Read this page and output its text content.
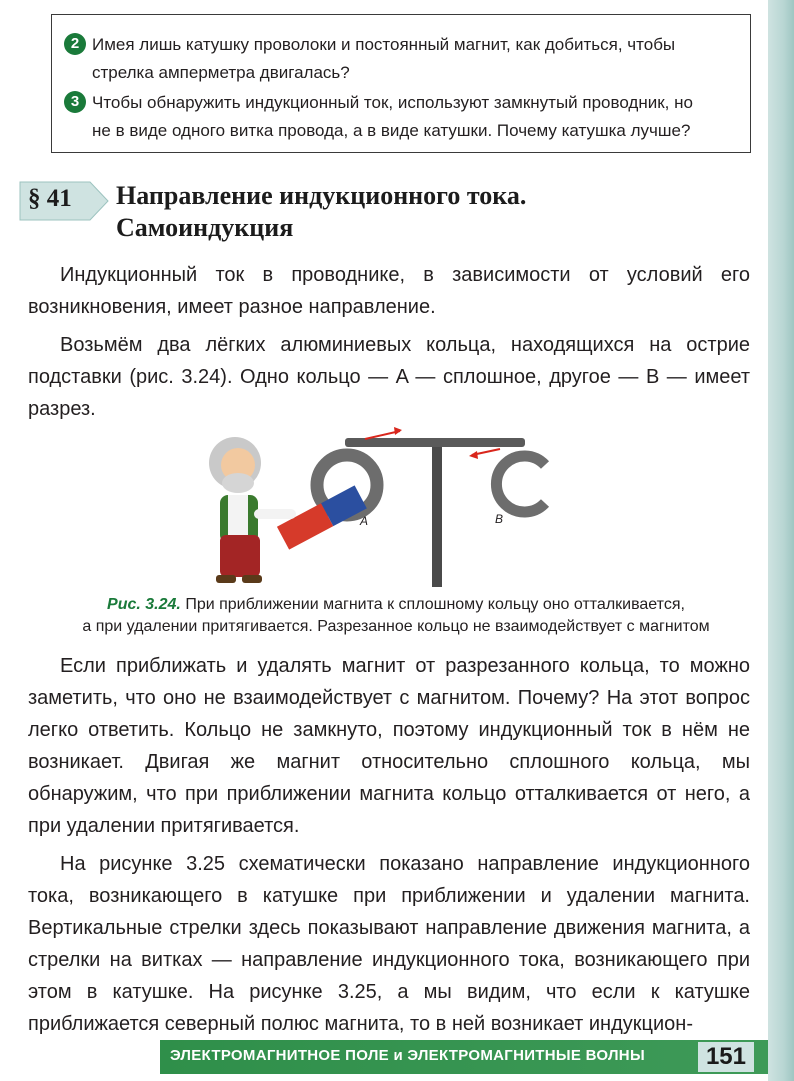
2 Имея лишь катушку проволоки и постоянный магнит, как добиться, чтобы
стрелка амперметра двигалась?
3 Чтобы обнаружить индукционный ток, используют замкнутый проводник, но
не в виде одного витка провода, а в виде катушки. Почему катушка лучше?
§ 41 Направление индукционного тока.
Самоиндукция

Индукционный ток в проводнике, в зависимости от условий его возникновения, имеет разное направление.

Возьмём два лёгких алюминиевых кольца, находящихся на острие подставки (рис. 3.24). Одно кольцо — A — сплошное, другое — B — имеет разрез.

S
N
A	B
Рис. 3.24. При приближении магнита к сплошному кольцу оно отталкивается,
а при удалении притягивается. Разрезанное кольцо не взаимодействует с магнитом

Если приближать и удалять магнит от разрезанного кольца, то можно заметить, что оно не взаимодействует с магнитом. Почему? На этот вопрос легко ответить. Кольцо не замкнуто, поэтому индукционный ток в нём не возникает. Двигая же магнит относительно сплошного кольца, мы обнаружим, что при приближении магнита кольцо отталкивается от него, а при удалении притягивается.

На рисунке 3.25 схематически показано направление индукционного тока, возникающего в катушке при приближении и удалении магнита. Вертикальные стрелки здесь показывают направление движения магнита, а стрелки на витках — направление индукционного тока, возникающего при этом в катушке. На рисунке 3.25, а мы видим, что если к катушке приближается северный полюс магнита, то в ней возникает индукцион-

ЭЛЕКТРОМАГНИТНОЕ ПОЛЕ и ЭЛЕКТРОМАГНИТНЫЕ ВОЛНЫ	151
